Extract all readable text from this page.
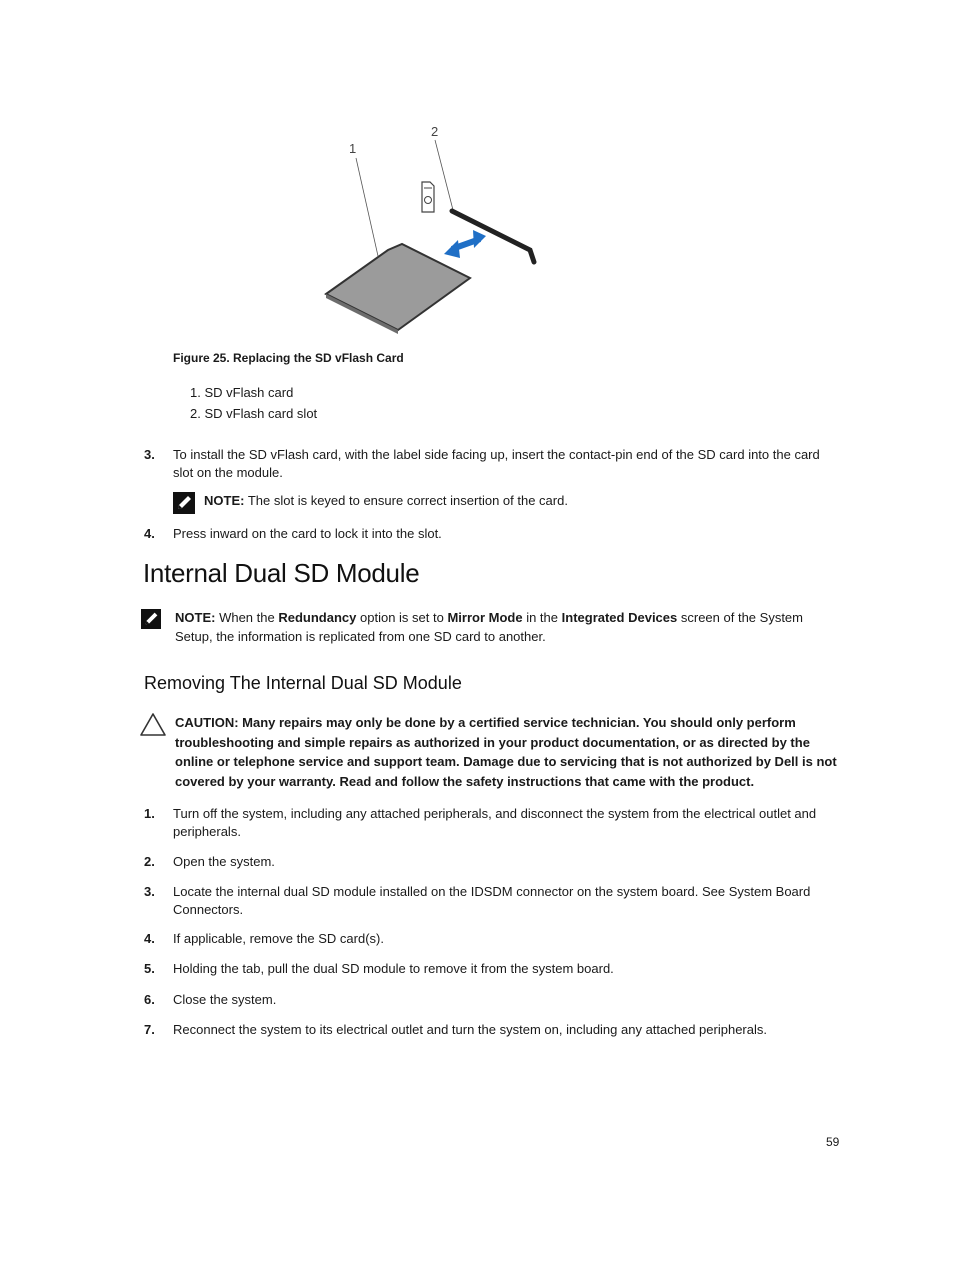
1
2
Figure 25. Replacing the SD vFlash Card
1. SD vFlash card
2. SD vFlash card slot
3. To install the SD vFlash card, with the label side facing up, insert the contact-pin end of the SD card into the card slot on the module.
NOTE: The slot is keyed to ensure correct insertion of the card.
4. Press inward on the card to lock it into the slot.
Internal Dual SD Module
NOTE: When the Redundancy option is set to Mirror Mode in the Integrated Devices screen of the System Setup, the information is replicated from one SD card to another.
Removing The Internal Dual SD Module
CAUTION: Many repairs may only be done by a certified service technician. You should only perform troubleshooting and simple repairs as authorized in your product documentation, or as directed by the online or telephone service and support team. Damage due to servicing that is not authorized by Dell is not covered by your warranty. Read and follow the safety instructions that came with the product.
1. Turn off the system, including any attached peripherals, and disconnect the system from the electrical outlet and peripherals.
2. Open the system.
3. Locate the internal dual SD module installed on the IDSDM connector on the system board. See System Board Connectors.
4. If applicable, remove the SD card(s).
5. Holding the tab, pull the dual SD module to remove it from the system board.
6. Close the system.
7. Reconnect the system to its electrical outlet and turn the system on, including any attached peripherals.
59
